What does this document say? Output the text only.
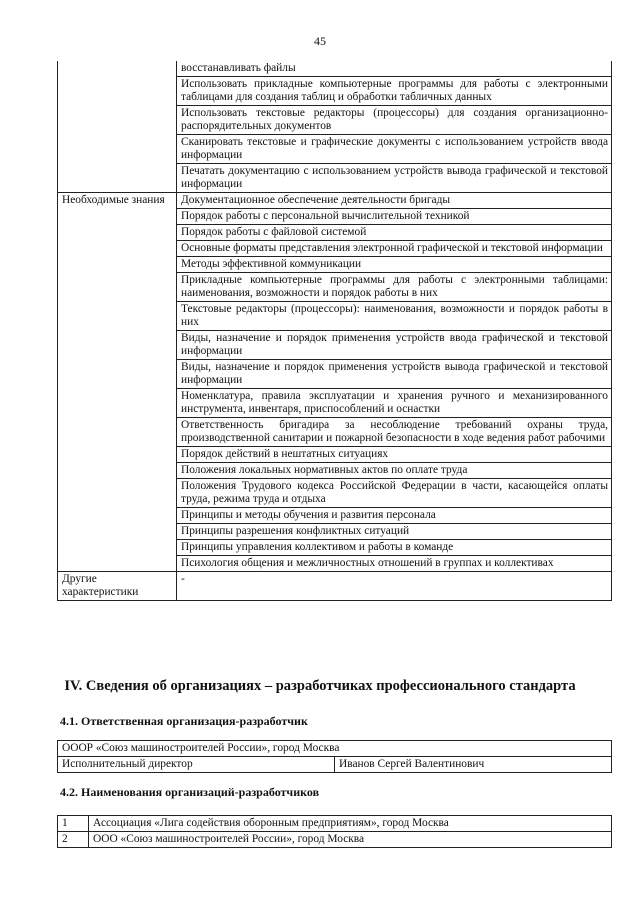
45
	восстанавливать файлы
	Использовать прикладные компьютерные программы для работы с электронными таблицами для создания таблиц и обработки табличных данных
	Использовать текстовые редакторы (процессоры) для создания организационно-распорядительных документов
	Сканировать текстовые и графические документы с использованием устройств ввода информации
	Печатать документацию с использованием устройств вывода графической и текстовой информации
Необходимые знания	Документационное обеспечение деятельности бригады
	Порядок работы с персональной вычислительной техникой
	Порядок работы с файловой системой
	Основные форматы представления электронной графической и текстовой информации
	Методы эффективной коммуникации
	Прикладные компьютерные программы для работы с электронными таблицами: наименования, возможности и порядок работы в них
	Текстовые редакторы (процессоры): наименования, возможности и порядок работы в них
	Виды, назначение и порядок применения устройств ввода графической и текстовой информации
	Виды, назначение и порядок применения устройств вывода графической и текстовой информации
	Номенклатура, правила эксплуатации и хранения ручного и механизированного инструмента, инвентаря, приспособлений и оснастки
	Ответственность бригадира за несоблюдение требований охраны труда, производственной санитарии и пожарной безопасности в ходе ведения работ рабочими
	Порядок действий в нештатных ситуациях
	Положения локальных нормативных актов по оплате труда
	Положения Трудового кодекса Российской Федерации в части, касающейся оплаты труда, режима труда и отдыха
	Принципы и методы обучения и развития персонала
	Принципы разрешения конфликтных ситуаций
	Принципы управления коллективом и работы в команде
	Психология общения и межличностных отношений в группах и коллективах
Другие характеристики	-
IV. Сведения об организациях – разработчиках профессионального стандарта
4.1. Ответственная организация-разработчик
ОООР «Союз машиностроителей России», город Москва
Исполнительный директор	Иванов Сергей Валентинович
4.2. Наименования организаций-разработчиков
1	Ассоциация «Лига содействия оборонным предприятиям», город Москва
2	ООО «Союз машиностроителей России», город Москва
